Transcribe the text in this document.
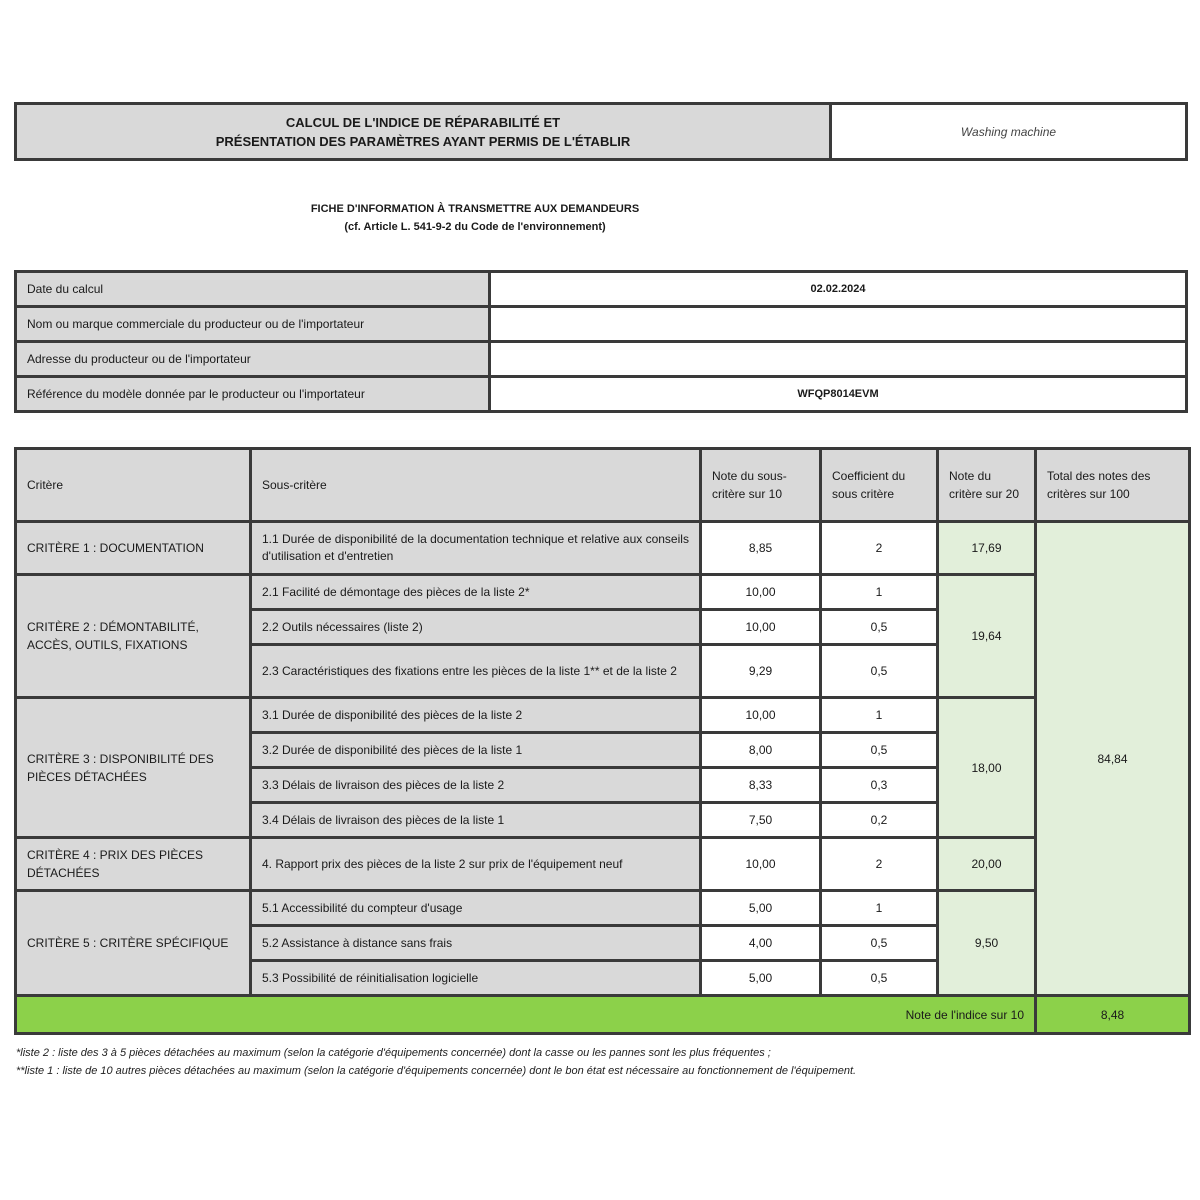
CALCUL DE L'INDICE DE RÉPARABILITÉ ET
PRÉSENTATION DES PARAMÈTRES AYANT PERMIS DE L'ÉTABLIR
	Washing machine
FICHE D'INFORMATION À TRANSMETTRE AUX DEMANDEURS
(cf. Article L. 541-9-2 du Code de l'environnement)
Date du calcul	02.02.2024
Nom ou marque commerciale du producteur ou de l'importateur	
Adresse du producteur ou de l'importateur	
Référence du modèle donnée par le producteur ou l'importateur	WFQP8014EVM
Critère	Sous-critère	Note du sous-critère sur 10	Coefficient du sous critère	Note du critère sur 20	Total des notes des critères sur 100
CRITÈRE 1 : DOCUMENTATION	1.1 Durée de disponibilité de la documentation technique et relative aux conseils d'utilisation et d'entretien	8,85	2	17,69	84,84
CRITÈRE 2 : DÉMONTABILITÉ, ACCÈS, OUTILS, FIXATIONS	2.1 Facilité de démontage des pièces de la liste 2*	10,00	1	19,64	
	2.2 Outils nécessaires (liste 2)	10,00	0,5		
	2.3 Caractéristiques des fixations entre les pièces de la liste 1** et de la liste 2	9,29	0,5		
CRITÈRE 3 : DISPONIBILITÉ DES PIÈCES DÉTACHÉES	3.1 Durée de disponibilité des pièces de la liste 2	10,00	1	18,00	
	3.2 Durée de disponibilité des pièces de la liste 1	8,00	0,5		
	3.3 Délais de livraison des pièces de la liste 2	8,33	0,3		
	3.4 Délais de livraison des pièces de la liste 1	7,50	0,2		
CRITÈRE 4 : PRIX DES PIÈCES DÉTACHÉES	4. Rapport prix des pièces de la liste 2 sur prix de l'équipement neuf	10,00	2	20,00	
CRITÈRE 5 : CRITÈRE SPÉCIFIQUE	5.1 Accessibilité du compteur d'usage	5,00	1	9,50	
	5.2 Assistance à distance sans frais	4,00	0,5		
	5.3 Possibilité de réinitialisation logicielle	5,00	0,5		
Note de l'indice sur 10					8,48
*liste 2 : liste des 3 à 5 pièces détachées au maximum (selon la catégorie d'équipements concernée) dont la casse ou les pannes sont les plus fréquentes ;
**liste 1 : liste de 10 autres pièces détachées au maximum (selon la catégorie d'équipements concernée) dont le bon état est nécessaire au fonctionnement de l'équipement.
